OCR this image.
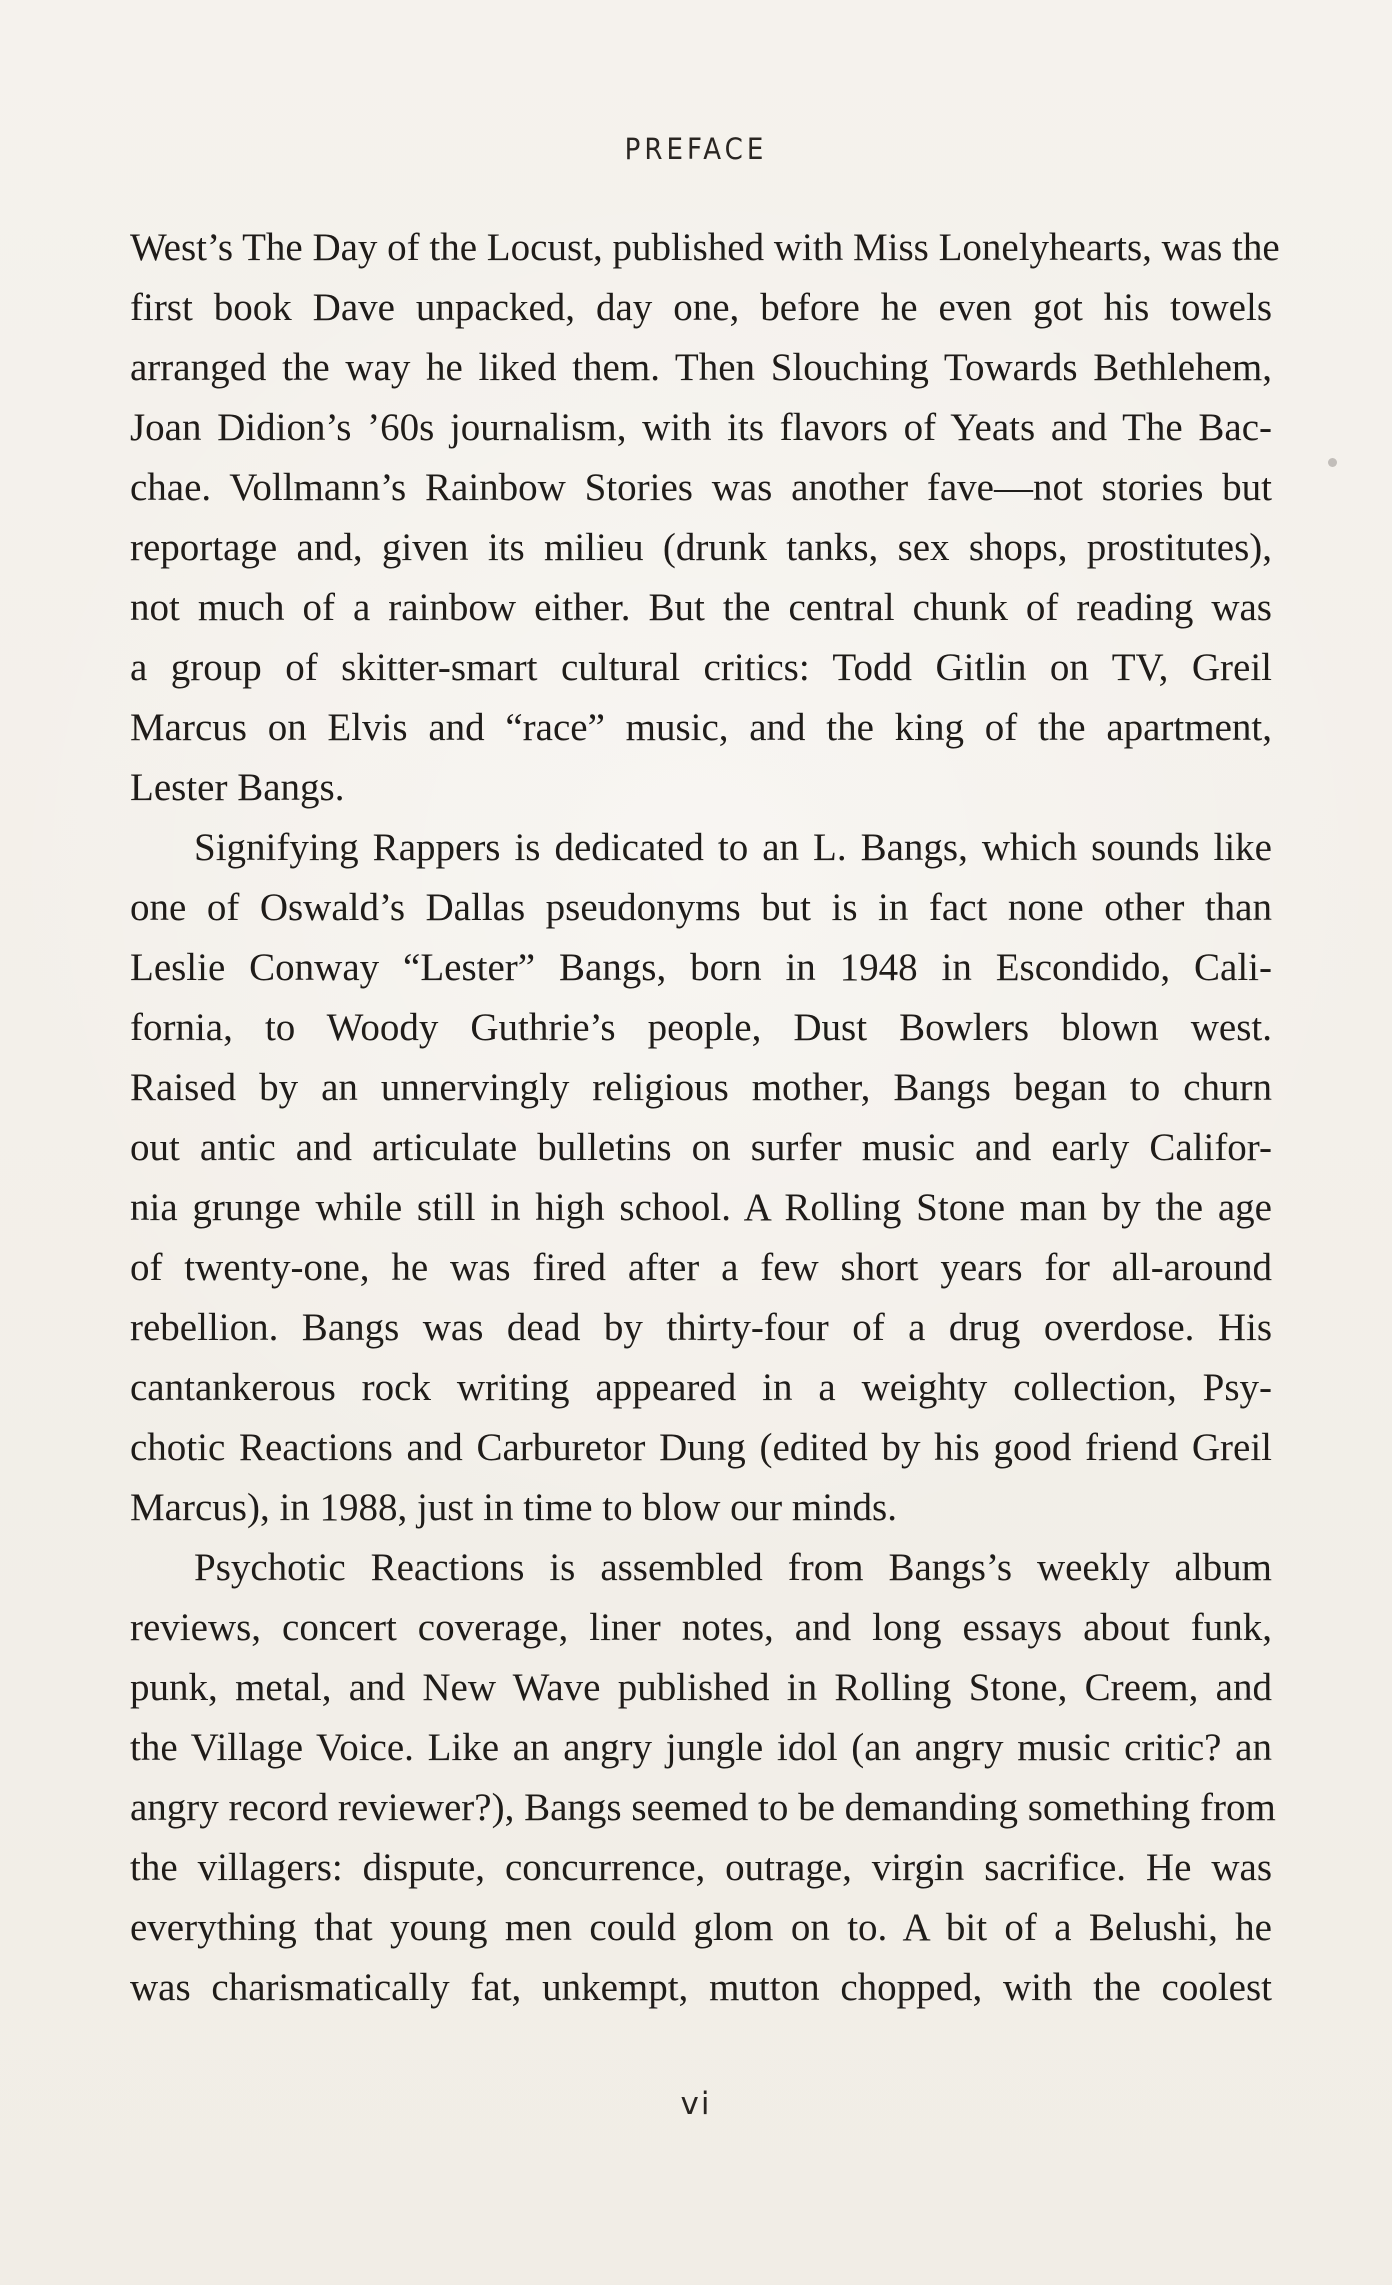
PREFACE
West’s The Day of the Locust, published with Miss Lonelyhearts, was the
first book Dave unpacked, day one, before he even got his towels
arranged the way he liked them. Then Slouching Towards Bethlehem,
Joan Didion’s ’60s journalism, with its flavors of Yeats and The Bac-
chae. Vollmann’s Rainbow Stories was another fave—not stories but
reportage and, given its milieu (drunk tanks, sex shops, prostitutes),
not much of a rainbow either. But the central chunk of reading was
a group of skitter-smart cultural critics: Todd Gitlin on TV, Greil
Marcus on Elvis and “race” music, and the king of the apartment,
Lester Bangs.
Signifying Rappers is dedicated to an L. Bangs, which sounds like
one of Oswald’s Dallas pseudonyms but is in fact none other than
Leslie Conway “Lester” Bangs, born in 1948 in Escondido, Cali-
fornia, to Woody Guthrie’s people, Dust Bowlers blown west.
Raised by an unnervingly religious mother, Bangs began to churn
out antic and articulate bulletins on surfer music and early Califor-
nia grunge while still in high school. A Rolling Stone man by the age
of twenty-one, he was fired after a few short years for all-around
rebellion. Bangs was dead by thirty-four of a drug overdose. His
cantankerous rock writing appeared in a weighty collection, Psy-
chotic Reactions and Carburetor Dung (edited by his good friend Greil
Marcus), in 1988, just in time to blow our minds.
Psychotic Reactions is assembled from Bangs’s weekly album
reviews, concert coverage, liner notes, and long essays about funk,
punk, metal, and New Wave published in Rolling Stone, Creem, and
the Village Voice. Like an angry jungle idol (an angry music critic? an
angry record reviewer?), Bangs seemed to be demanding something from
the villagers: dispute, concurrence, outrage, virgin sacrifice. He was
everything that young men could glom on to. A bit of a Belushi, he
was charismatically fat, unkempt, mutton chopped, with the coolest
vi
